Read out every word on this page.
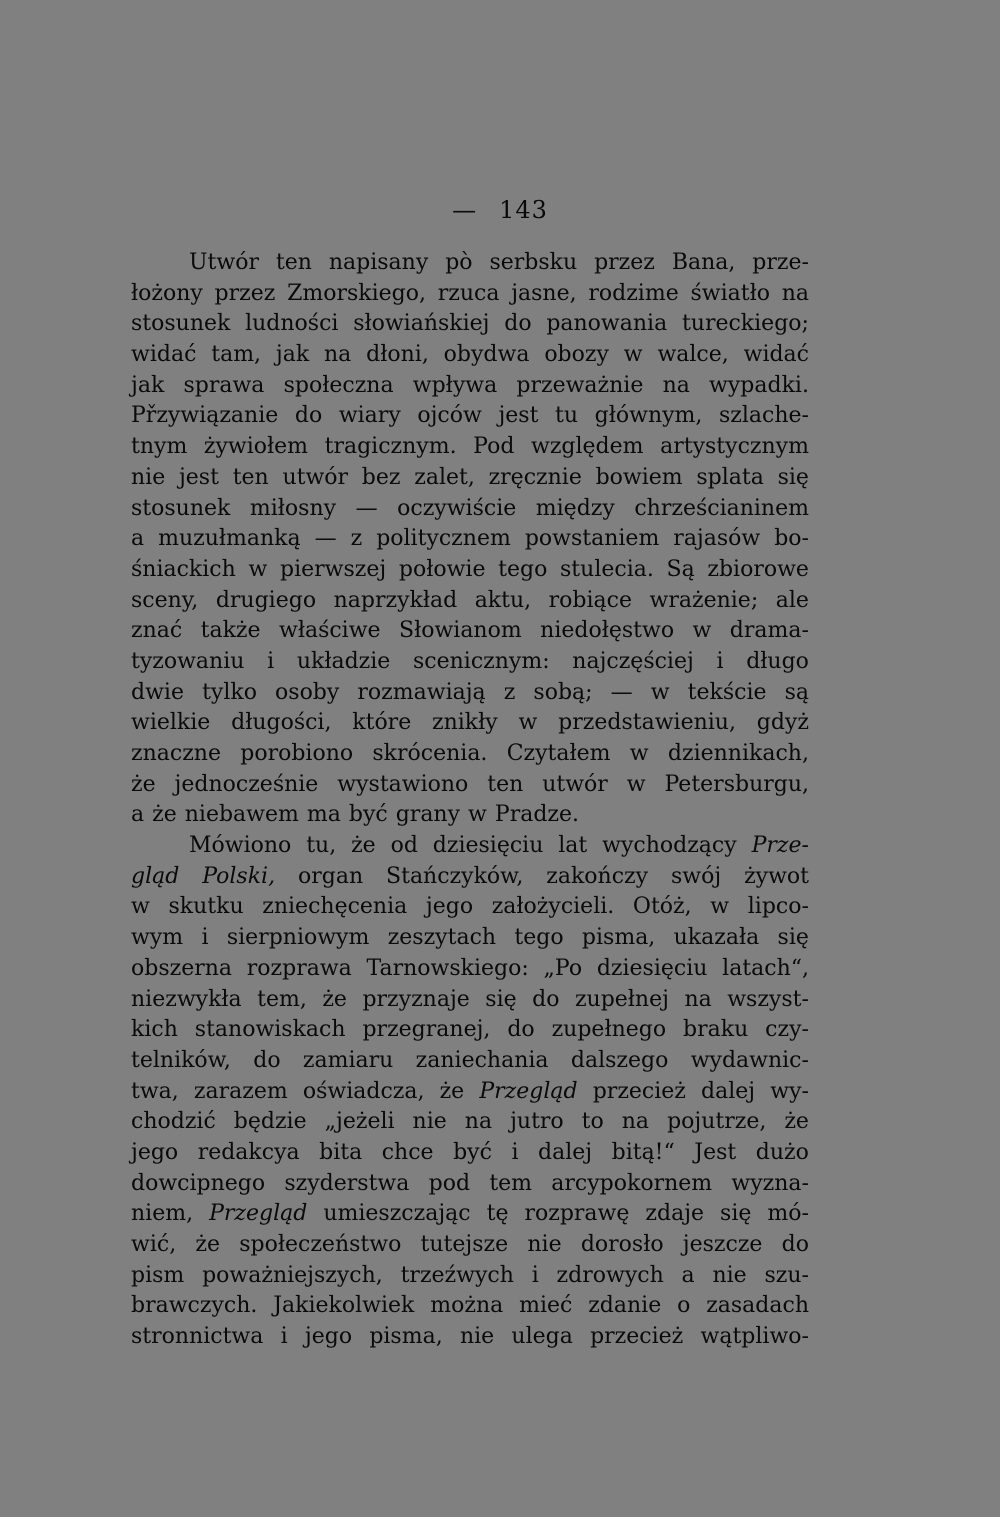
— 143
Utwór ten napisany pò serbsku przez Bana, prze-
łożony przez Zmorskiego, rzuca jasne, rodzime światło na
stosunek ludności słowiańskiej do panowania tureckiego;
widać tam, jak na dłoni, obydwa obozy w walce, widać
jak sprawa społeczna wpływa przeważnie na wypadki.
Přzywiązanie do wiary ojców jest tu głównym, szlache-
tnym żywiołem tragicznym. Pod względem artystycznym
nie jest ten utwór bez zalet, zręcznie bowiem splata się
stosunek miłosny — oczywiście między chrześcianinem
a muzułmanką — z politycznem powstaniem rajasów bo-
śniackich w pierwszej połowie tego stulecia. Są zbiorowe
sceny, drugiego naprzykład aktu, robiące wrażenie; ale
znać także właściwe Słowianom niedołęstwo w drama-
tyzowaniu i układzie scenicznym: najczęściej i długo
dwie tylko osoby rozmawiają z sobą; — w tekście są
wielkie długości, które znikły w przedstawieniu, gdyż
znaczne porobiono skrócenia. Czytałem w dziennikach,
że jednocześnie wystawiono ten utwór w Petersburgu,
a że niebawem ma być grany w Pradze.
Mówiono tu, że od dziesięciu lat wychodzący Prze-
gląd Polski, organ Stańczyków, zakończy swój żywot
w skutku zniechęcenia jego założycieli. Otóż, w lipco-
wym i sierpniowym zeszytach tego pisma, ukazała się
obszerna rozprawa Tarnowskiego: „Po dziesięciu latach“,
niezwykła tem, że przyznaje się do zupełnej na wszyst-
kich stanowiskach przegranej, do zupełnego braku czy-
telników, do zamiaru zaniechania dalszego wydawnic-
twa, zarazem oświadcza, że Przegląd przecież dalej wy-
chodzić będzie „jeżeli nie na jutro to na pojutrze, że
jego redakcya bita chce być i dalej bitą!“ Jest dużo
dowcipnego szyderstwa pod tem arcypokornem wyzna-
niem, Przegląd umieszczając tę rozprawę zdaje się mó-
wić, że społeczeństwo tutejsze nie dorosło jeszcze do
pism poważniejszych, trzeźwych i zdrowych a nie szu-
brawczych. Jakiekolwiek można mieć zdanie o zasadach
stronnictwa i jego pisma, nie ulega przecież wątpliwo-
